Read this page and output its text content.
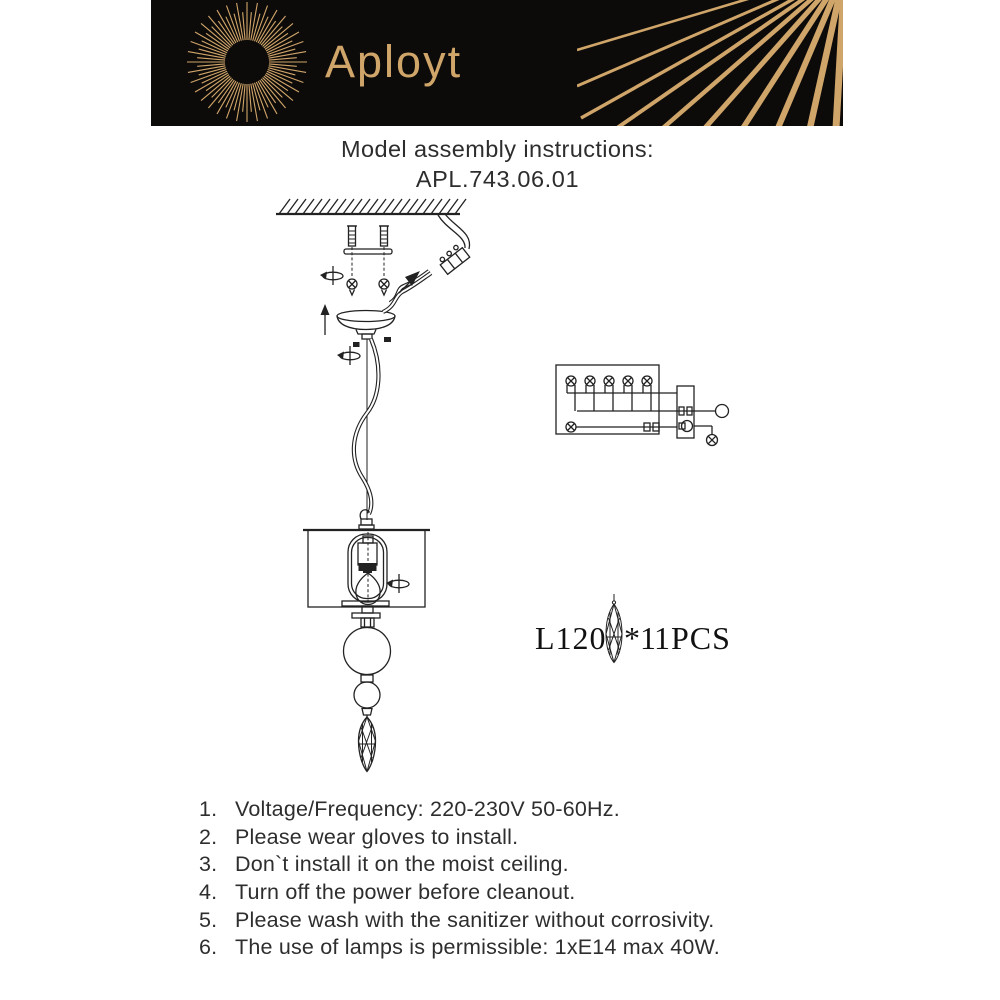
Aployt
Model assembly instructions:
APL.743.06.01
L120 *1
1PCS
1. Voltage/Frequency: 220-230V 50-60Hz.
2. Please wear gloves to install.
3. Don`t install it on the moist ceiling.
4. Turn off the power before cleanout.
5. Please wash with the sanitizer without corrosivity.
6. The use of lamps is permissible: 1xE14 max 40W.
